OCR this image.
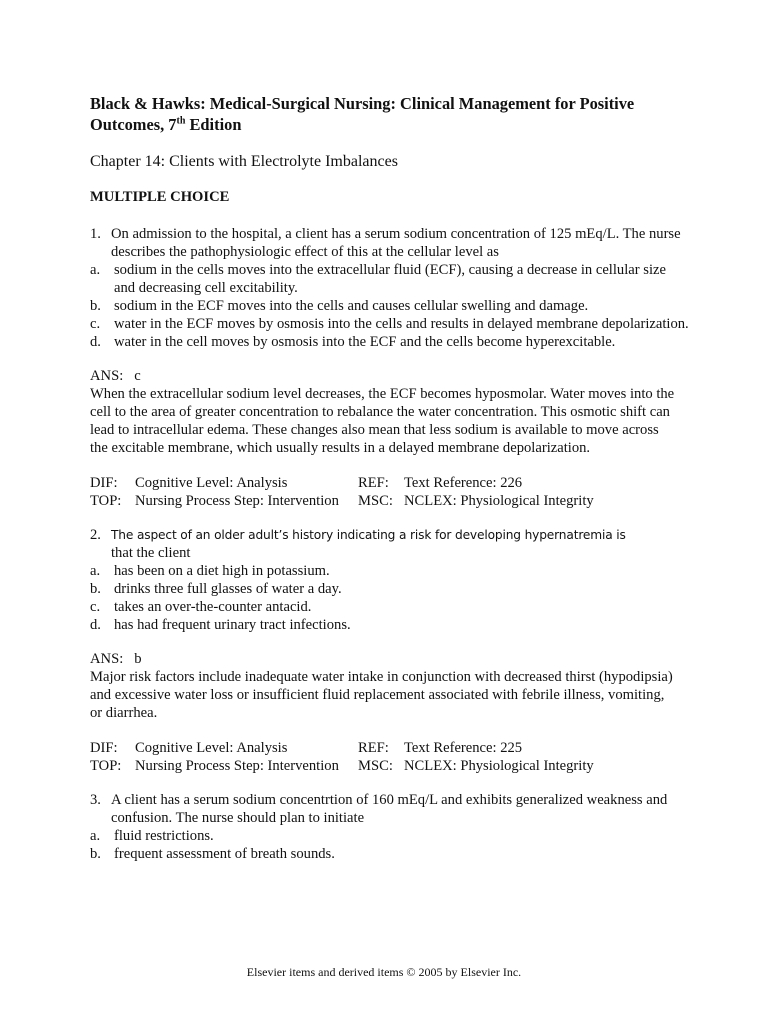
Black & Hawks: Medical-Surgical Nursing: Clinical Management for Positive Outcomes, 7th Edition
Chapter 14: Clients with Electrolyte Imbalances
MULTIPLE CHOICE
1. On admission to the hospital, a client has a serum sodium concentration of 125 mEq/L. The nurse describes the pathophysiologic effect of this at the cellular level as
a. sodium in the cells moves into the extracellular fluid (ECF), causing a decrease in cellular size and decreasing cell excitability.
b. sodium in the ECF moves into the cells and causes cellular swelling and damage.
c. water in the ECF moves by osmosis into the cells and results in delayed membrane depolarization.
d. water in the cell moves by osmosis into the ECF and the cells become hyperexcitable.
ANS:   c
When the extracellular sodium level decreases, the ECF becomes hyposmolar. Water moves into the cell to the area of greater concentration to rebalance the water concentration. This osmotic shift can lead to intracellular edema. These changes also mean that less sodium is available to move across the excitable membrane, which usually results in a delayed membrane depolarization.
DIF: Cognitive Level: Analysis	REF: Text Reference: 226
TOP: Nursing Process Step: Intervention MSC: NCLEX: Physiological Integrity
2. The aspect of an older adult’s history indicating a risk for developing hypernatremia is
that the client
a. has been on a diet high in potassium.
b. drinks three full glasses of water a day.
c. takes an over-the-counter antacid.
d. has had frequent urinary tract infections.
ANS:   b
Major risk factors include inadequate water intake in conjunction with decreased thirst (hypodipsia) and excessive water loss or insufficient fluid replacement associated with febrile illness, vomiting, or diarrhea.
DIF: Cognitive Level: Analysis	REF: Text Reference: 225
TOP: Nursing Process Step: Intervention MSC: NCLEX: Physiological Integrity
3. A client has a serum sodium concentrtion of 160 mEq/L and exhibits generalized weakness and confusion. The nurse should plan to initiate
a. fluid restrictions.
b. frequent assessment of breath sounds.
Elsevier items and derived items © 2005 by Elsevier Inc.
